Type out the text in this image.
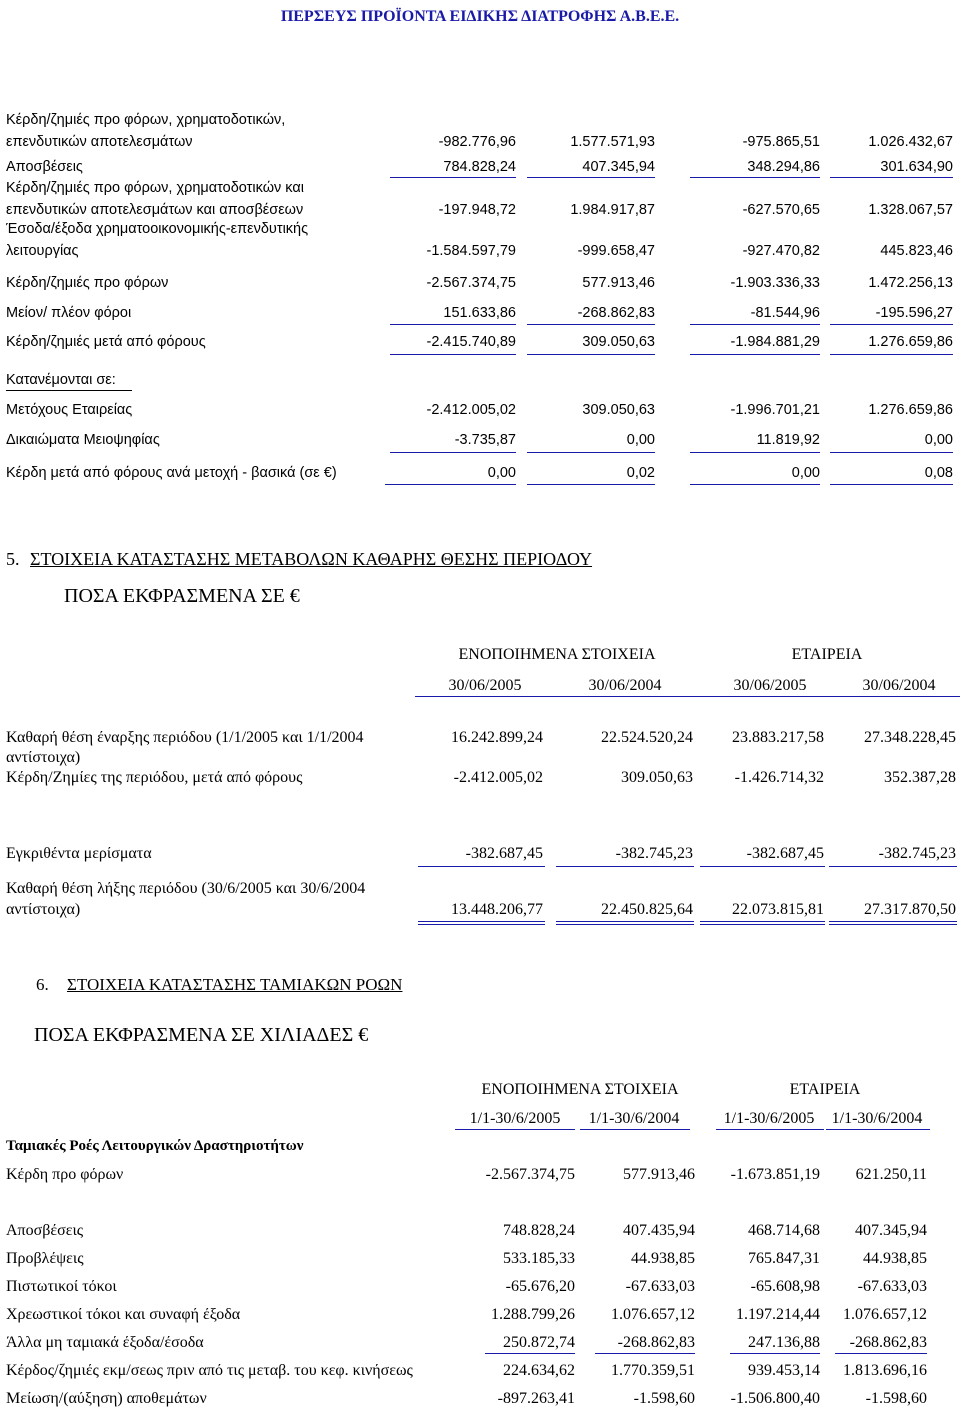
ΠΕΡΣΕΥΣ ΠΡΟΪΟΝΤΑ ΕΙΔΙΚΗΣ ΔΙΑΤΡΟΦΗΣ Α.Β.Ε.Ε.
Κέρδη/ζημιές προ φόρων, χρηματοδοτικών,
επενδυτικών αποτελεσμάτων	-982.776,96	1.577.571,93	-975.865,51	1.026.432,67
Αποσβέσεις	784.828,24	407.345,94	348.294,86	301.634,90
Κέρδη/ζημιές προ φόρων, χρηματοδοτικών και
επενδυτικών αποτελεσμάτων και αποσβέσεων	-197.948,72	1.984.917,87	-627.570,65	1.328.067,57
Έσοδα/έξοδα χρηματοοικονομικής-επενδυτικής
λειτουργίας	-1.584.597,79	-999.658,47	-927.470,82	445.823,46
Κέρδη/ζημιές προ φόρων	-2.567.374,75	577.913,46	-1.903.336,33	1.472.256,13
Μείον/ πλέον φόροι	151.633,86	-268.862,83	-81.544,96	-195.596,27
Κέρδη/ζημιές μετά από φόρους	-2.415.740,89	309.050,63	-1.984.881,29	1.276.659,86
Κατανέμονται σε:
Μετόχους Εταιρείας	-2.412.005,02	309.050,63	-1.996.701,21	1.276.659,86
Δικαιώματα Μειοψηφίας	-3.735,87	0,00	11.819,92	0,00
Κέρδη μετά από φόρους ανά μετοχή - βασικά (σε €)	0,00	0,02	0,00	0,08
5. ΣΤΟΙΧΕΙΑ ΚΑΤΑΣΤΑΣΗΣ ΜΕΤΑΒΟΛΩΝ ΚΑΘΑΡΗΣ ΘΕΣΗΣ ΠΕΡΙΟΔΟΥ
ΠΟΣΑ ΕΚΦΡΑΣΜΕΝΑ ΣΕ €
ΕΝΟΠΟΙΗΜΕΝΑ ΣΤΟΙΧΕΙΑ	ΕΤΑΙΡΕΙΑ
30/06/2005	30/06/2004	30/06/2005	30/06/2004
Καθαρή θέση έναρξης περιόδου (1/1/2005 και 1/1/2004
αντίστοιχα)
16.242.899,24	22.524.520,24	23.883.217,58	27.348.228,45
Κέρδη/Ζημίες της περιόδου, μετά από φόρους	-2.412.005,02	309.050,63	-1.426.714,32	352.387,28
Εγκριθέντα μερίσματα	-382.687,45	-382.745,23	-382.687,45	-382.745,23
Καθαρή θέση λήξης περιόδου (30/6/2005 και 30/6/2004
αντίστοιχα)	13.448.206,77	22.450.825,64	22.073.815,81	27.317.870,50
6. ΣΤΟΙΧΕΙΑ ΚΑΤΑΣΤΑΣΗΣ ΤΑΜΙΑΚΩΝ ΡΟΩΝ
ΠΟΣΑ ΕΚΦΡΑΣΜΕΝΑ ΣΕ ΧΙΛΙΑΔΕΣ €
ΕΝΟΠΟΙΗΜΕΝΑ ΣΤΟΙΧΕΙΑ	ΕΤΑΙΡΕΙΑ
1/1-30/6/2005	1/1-30/6/2004	1/1-30/6/2005	1/1-30/6/2004
Ταμιακές Ροές Λειτουργικών Δραστηριοτήτων
Κέρδη προ φόρων	-2.567.374,75	577.913,46	-1.673.851,19	621.250,11
Αποσβέσεις	748.828,24	407.435,94	468.714,68	407.345,94
Προβλέψεις	533.185,33	44.938,85	765.847,31	44.938,85
Πιστωτικοί τόκοι	-65.676,20	-67.633,03	-65.608,98	-67.633,03
Χρεωστικοί τόκοι και συναφή έξοδα	1.288.799,26	1.076.657,12	1.197.214,44	1.076.657,12
Άλλα μη ταμιακά έξοδα/έσοδα	250.872,74	-268.862,83	247.136,88	-268.862,83
Κέρδος/ζημιές εκμ/σεως πριν από τις μεταβ. του κεφ. κινήσεως	224.634,62	1.770.359,51	939.453,14	1.813.696,16
Μείωση/(αύξηση) αποθεμάτων	-897.263,41	-1.598,60	-1.506.800,40	-1.598,60
